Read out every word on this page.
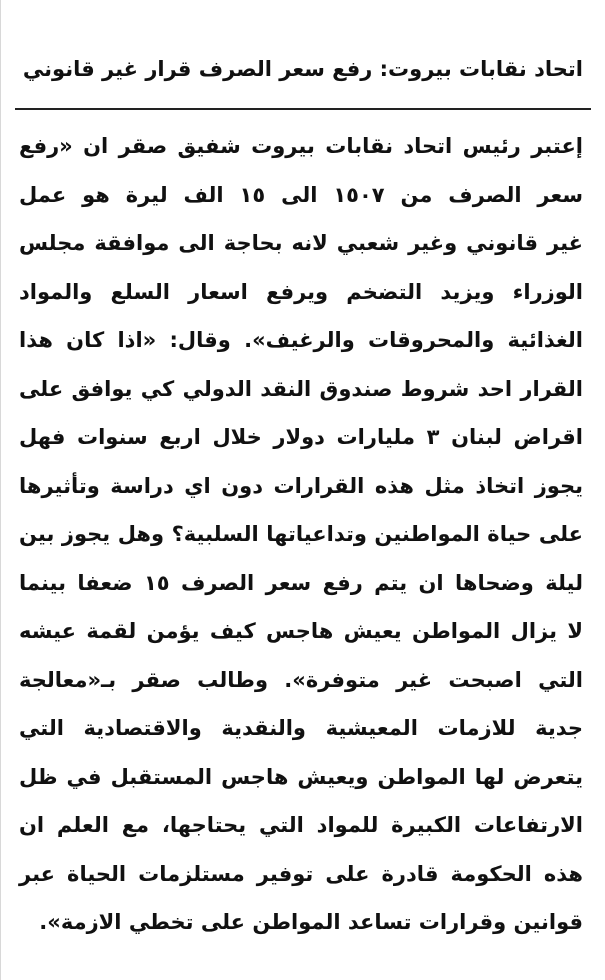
اتحاد نقابات بيروت: رفع سعر الصرف قرار غير قانوني
إعتبر رئيس اتحاد نقابات بيروت شفيق صقر ان «رفع
سعر الصرف من ١٥٠٧ الى ١٥ الف ليرة هو عمل
غير قانوني وغير شعبي لانه بحاجة الى موافقة مجلس
الوزراء ويزيد التضخم ويرفع اسعار السلع والمواد
الغذائية والمحروقات والرغيف». وقال: «اذا كان هذا
القرار احد شروط صندوق النقد الدولي كي يوافق على
اقراض لبنان ٣ مليارات دولار خلال اربع سنوات فهل
يجوز اتخاذ مثل هذه القرارات دون اي دراسة وتأثيرها
على حياة المواطنين وتداعياتها السلبية؟ وهل يجوز بين
ليلة وضحاها ان يتم رفع سعر الصرف ١٥ ضعفا بينما
لا يزال المواطن يعيش هاجس كيف يؤمن لقمة عيشه
التي اصبحت غير متوفرة». وطالب صقر بـ«معالجة
جدية للازمات المعيشية والنقدية والاقتصادية التي
يتعرض لها المواطن ويعيش هاجس المستقبل في ظل
الارتفاعات الكبيرة للمواد التي يحتاجها، مع العلم ان
هذه الحكومة قادرة على توفير مستلزمات الحياة عبر
قوانين وقرارات تساعد المواطن على تخطي الازمة».
